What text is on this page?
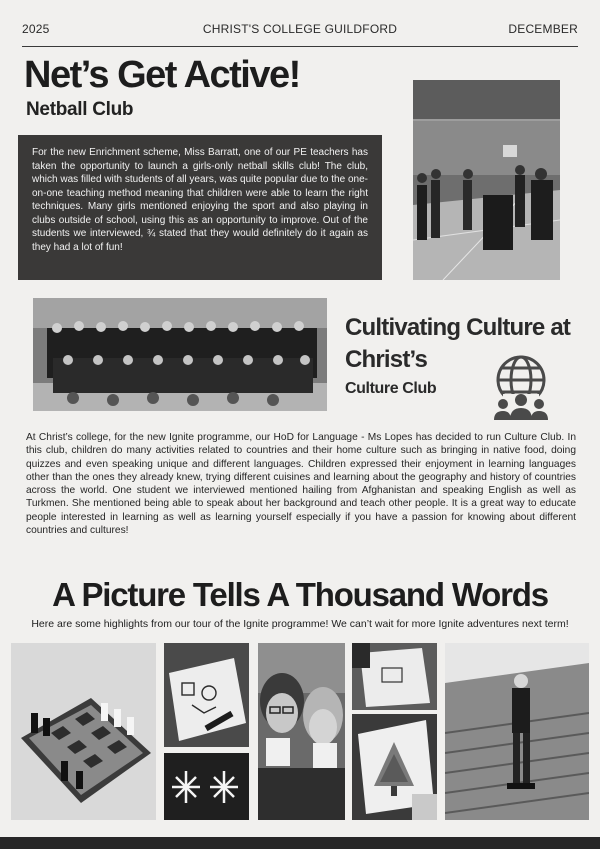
CHRIST'S COLLEGE GUILDFORD
2025	DECEMBER
Net’s Get Active!
Netball Club
For the new Enrichment scheme, Miss Barratt, one of our PE teachers has taken the opportunity to launch a girls-only netball skills club! The club, which was filled with students of all years, was quite popular due to the one-on-one teaching method meaning that children were able to learn the right techniques. Many girls mentioned enjoying the sport and also playing in clubs outside of school, using this as an opportunity to improve. Out of the students we interviewed, ¾ stated that they would definitely do it again as they had a lot of fun!
Cultivating Culture at Christ’s
Culture Club
At Christ’s college, for the new Ignite programme, our HoD for Language - Ms Lopes has decided to run Culture Club. In this club, children do many activities related to countries and their home culture such as bringing in native food, doing quizzes and even speaking unique and different languages. Children expressed their enjoyment in learning languages other than the ones they already knew, trying different cuisines and learning about the geography and history of countries across the world. One student we interviewed mentioned hailing from Afghanistan and speaking English as well as Turkmen. She mentioned being able to speak about her background and teach other people. It is a great way to educate people interested in learning as well as learning yourself especially if you have a passion for knowing about different countries and cultures!
A Picture Tells A Thousand Words
Here are some highlights from our tour of the Ignite programme! We can’t wait for more Ignite adventures next term!
